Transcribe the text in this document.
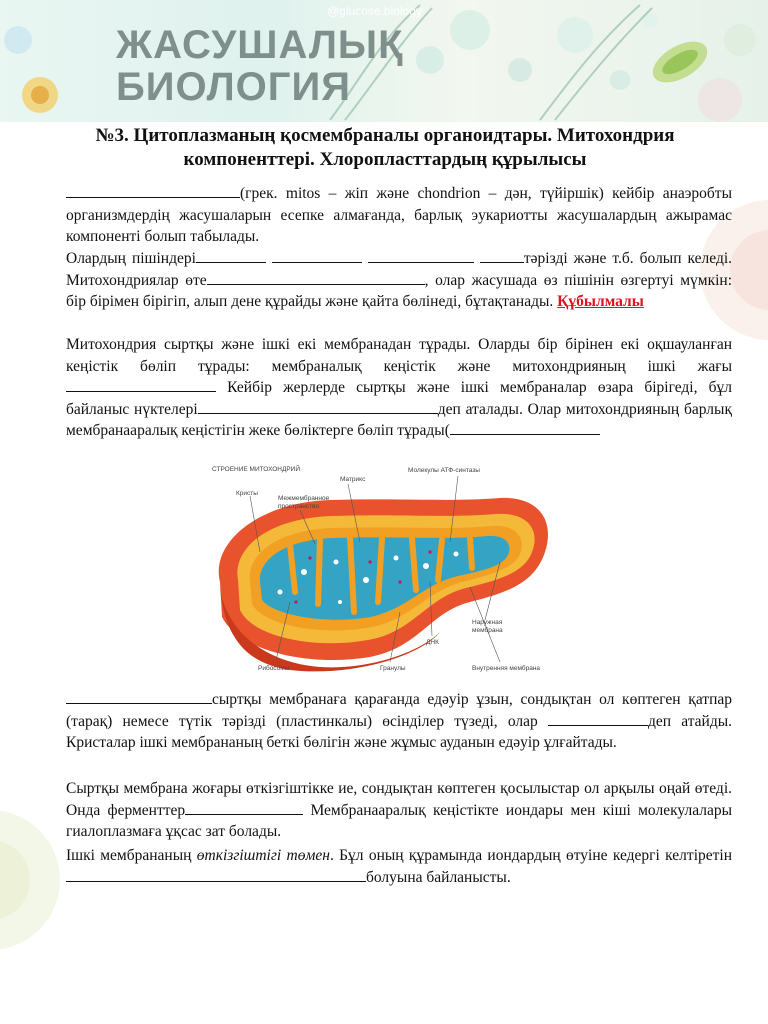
@glucose.biology
ЖАСУШАЛЫҚ
БИОЛОГИЯ
№3. Цитоплазманың қосмембраналы органоидтары. Митохондрия
компоненттері. Хлоропласттардың құрылысы

(грек. mitos – жіп және chondrion – дән, түйіршік) кейбір анаэробты организмдердің жасушаларын есепке алмағанда, барлық эукариотты жасушалардың ажырамас компоненті болып табылады.

Олардың пішіндері	тәрізді және т.б. болып келеді. Митохондриялар өте	, олар жасушада өз пішінін өзгертуі мүмкін: бір бірімен бірігіп, алып дене құрайды және қайта бөлінеді, бұтақтанады. Құбылмалы

Митохондрия сыртқы және ішкі екі мембранадан тұрады. Оларды бір бірінен екі оқшауланған кеңістік бөліп тұрады: мембраналық кеңістік және митохондрияның ішкі жағы  Кейбір жерлерде сыртқы және ішкі мембраналар өзара бірігеді, бұл байланыс нүктелері	деп аталады. Олар митохондрияның барлық мембранааралық кеңістігін жеке бөліктерге бөліп тұрады(

СТРОЕНИЕ МИТОХОНДРИЙ
Матрикс
Молекулы АТФ-синтазы
Кристы
Межмембранное
пространство
Наружная
мембрана
ДНК
Рибосомы	Гранулы	Внутренняя мембрана

сыртқы мембранаға қарағанда едәуір ұзын, сондықтан ол көптеген қатпар (тарақ) немесе түтік тәрізді (пластинкалы) өсінділер түзеді, олар	деп атайды. Кристалар ішкі мембрананың беткі бөлігін және жұмыс ауданын едәуір ұлғайтады.

Сыртқы мембрана жоғары өткізгіштікке ие, сондықтан көптеген қосылыстар ол арқылы оңай өтеді. Онда ферменттер	Мембранааралық кеңістікте иондары мен кіші молекулалары гиалоплазмаға ұқсас зат болады.

Ішкі мембрананың өткізгіштігі төмен. Бұл оның құрамында иондардың өтуіне кедергі келтіретінболуына байланысты.
